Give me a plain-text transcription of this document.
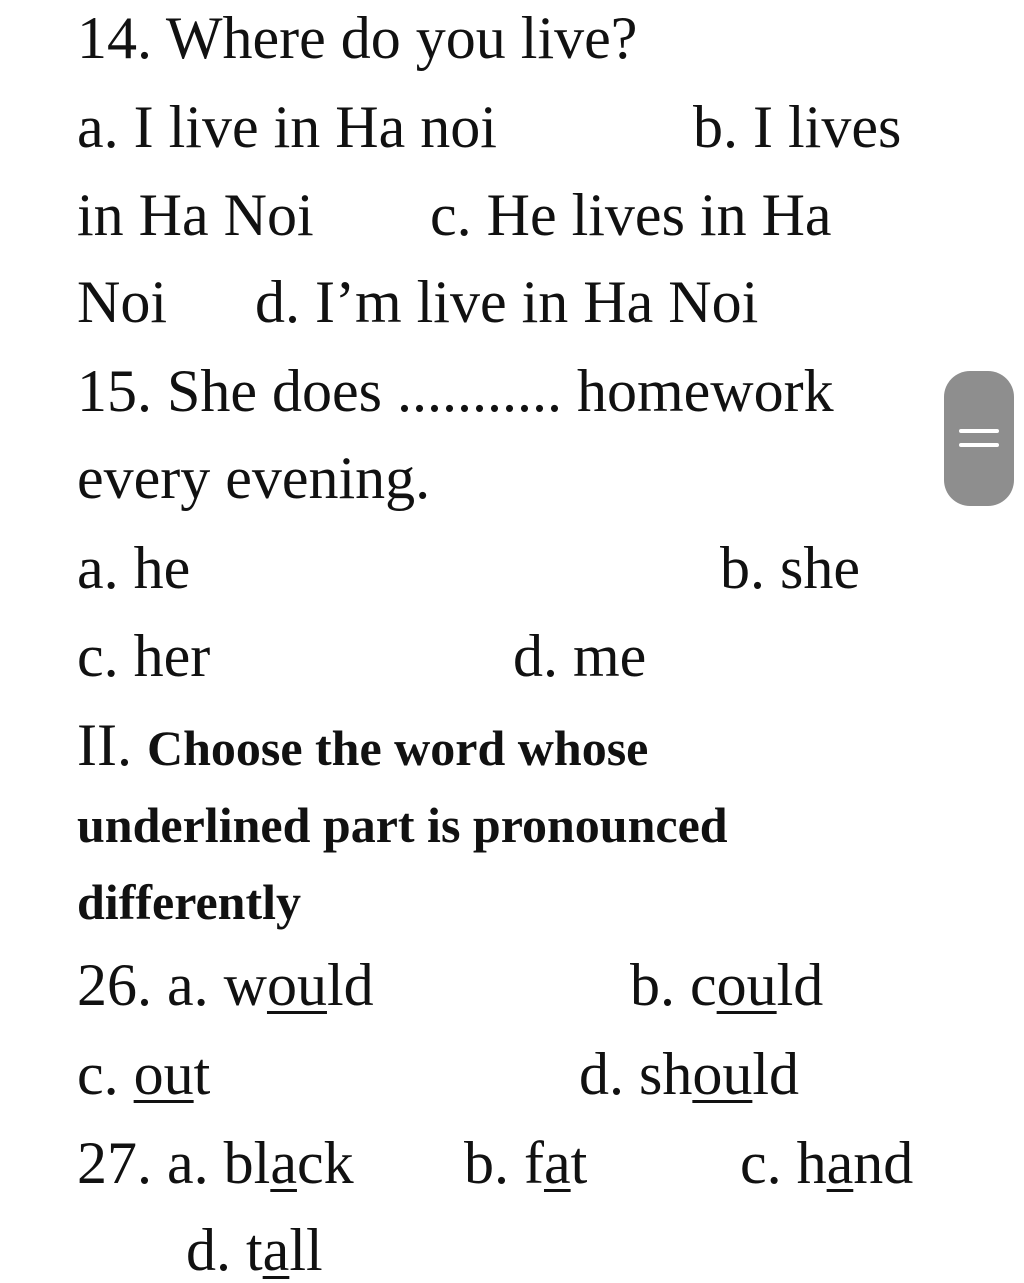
14. Where do you live?
a. I live in Ha noi	b. I lives
in Ha Noi c. He lives in Ha
Noi d. I’m live in Ha Noi
15. She does ........... homework
every evening.
a. he	b. she
c. her	d. me
II. Choose the word whose
underlined part is pronounced
differently
26. a. would	b. could
c. out	d. should
27. a. black b. fat	c. hand
d. tall
